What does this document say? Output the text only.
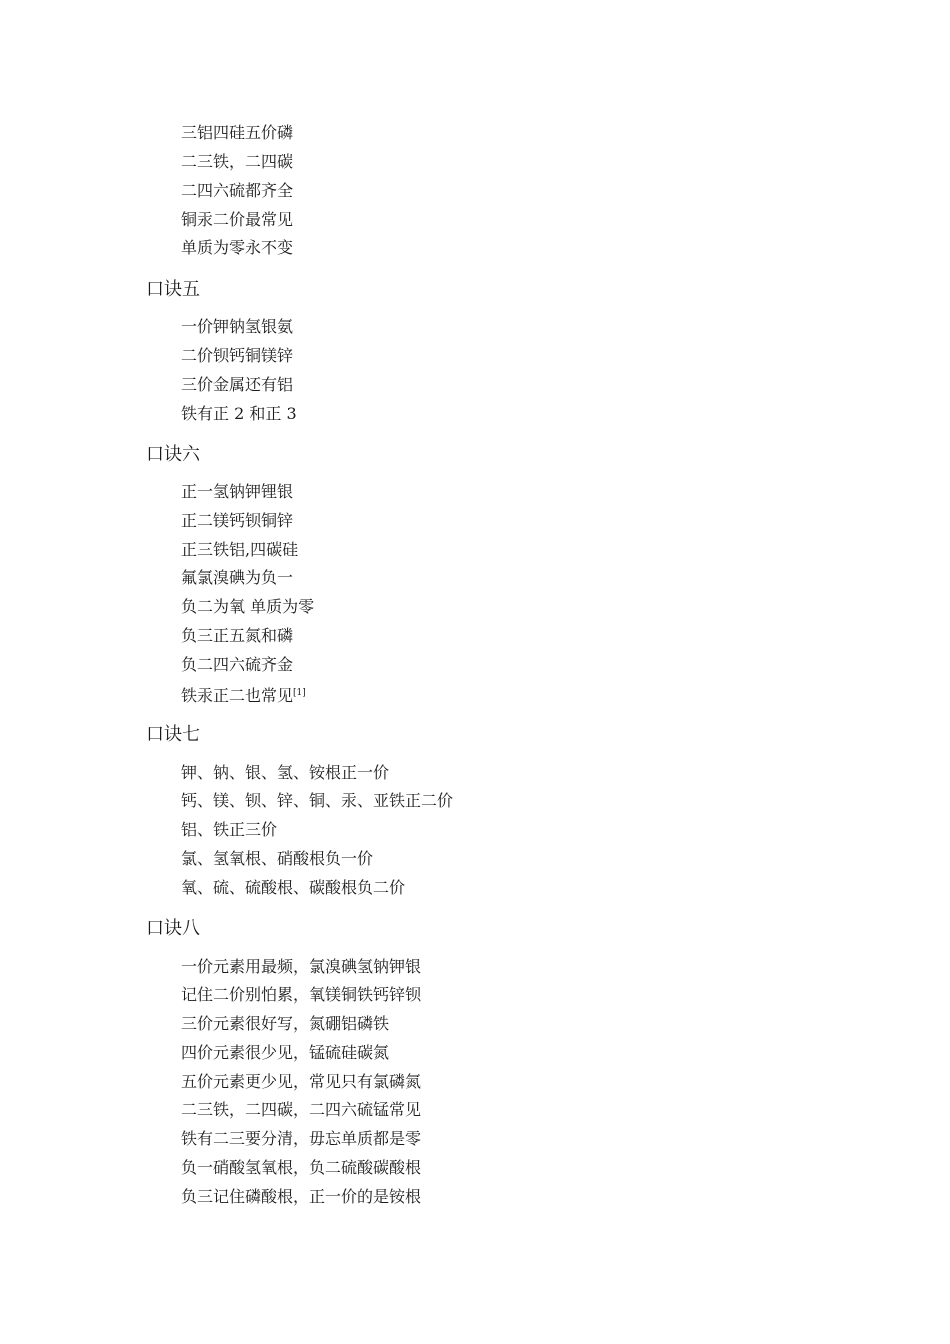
三铝四硅五价磷
二三铁，二四碳
二四六硫都齐全
铜汞二价最常见
单质为零永不变
口诀五
一价钾钠氢银氨
二价钡钙铜镁锌
三价金属还有铝
铁有正 2 和正 3
口诀六
正一氢钠钾锂银
正二镁钙钡铜锌
正三铁铝,四碳硅
氟氯溴碘为负一
负二为氧 单质为零
负三正五氮和磷
负二四六硫齐金
铁汞正二也常见[1]
口诀七
钾、钠、银、氢、铵根正一价
钙、镁、钡、锌、铜、汞、亚铁正二价
铝、铁正三价
氯、氢氧根、硝酸根负一价
氧、硫、硫酸根、碳酸根负二价
口诀八
一价元素用最频，氯溴碘氢钠钾银
记住二价别怕累，氧镁铜铁钙锌钡
三价元素很好写，氮硼铝磷铁
四价元素很少见，锰硫硅碳氮
五价元素更少见，常见只有氯磷氮
二三铁，二四碳，二四六硫锰常见
铁有二三要分清，毋忘单质都是零
负一硝酸氢氧根，负二硫酸碳酸根
负三记住磷酸根，正一价的是铵根
